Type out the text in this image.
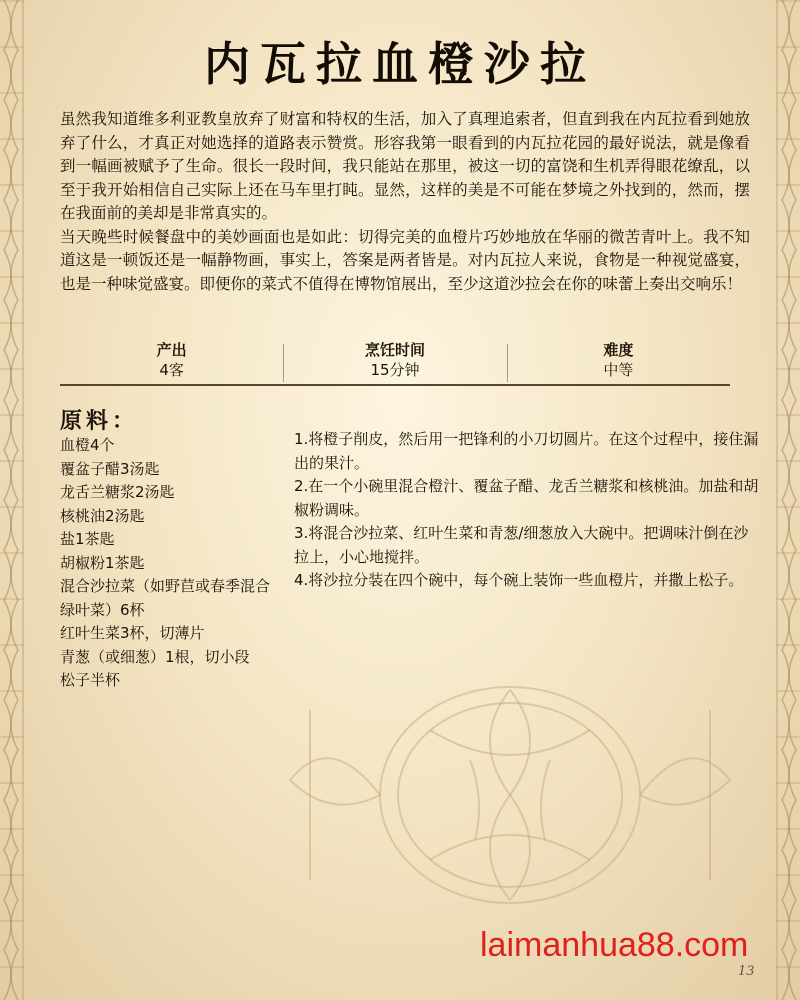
内瓦拉血橙沙拉

虽然我知道维多利亚教皇放弃了财富和特权的生活，加入了真理追索者，但直到我在内瓦拉看到她放弃了什么，才真正对她选择的道路表示赞赏。形容我第一眼看到的内瓦拉花园的最好说法，就是像看到一幅画被赋予了生命。很长一段时间，我只能站在那里，被这一切的富饶和生机弄得眼花缭乱，以至于我开始相信自己实际上还在马车里打盹。显然，这样的美是不可能在梦境之外找到的，然而，摆在我面前的美却是非常真实的。

当天晚些时候餐盘中的美妙画面也是如此：切得完美的血橙片巧妙地放在华丽的微苦青叶上。我不知道这是一顿饭还是一幅静物画，事实上，答案是两者皆是。对内瓦拉人来说，食物是一种视觉盛宴，也是一种味觉盛宴。即便你的菜式不值得在博物馆展出，至少这道沙拉会在你的味蕾上奏出交响乐！

产出
4客
烹饪时间
15分钟
难度
中等
原料：
血橙4个
覆盆子醋3汤匙
龙舌兰糖浆2汤匙
核桃油2汤匙
盐1茶匙
胡椒粉1茶匙
混合沙拉菜（如野苣或春季混合绿叶菜）6杯
红叶生菜3杯，切薄片
青葱（或细葱）1根，切小段
松子半杯
1.将橙子削皮，然后用一把锋利的小刀切圆片。在这个过程中，接住漏出的果汁。
2.在一个小碗里混合橙汁、覆盆子醋、龙舌兰糖浆和核桃油。加盐和胡椒粉调味。
3.将混合沙拉菜、红叶生菜和青葱/细葱放入大碗中。把调味汁倒在沙拉上，小心地搅拌。
4.将沙拉分装在四个碗中，每个碗上装饰一些血橙片，并撒上松子。
laimanhua88.com
13
